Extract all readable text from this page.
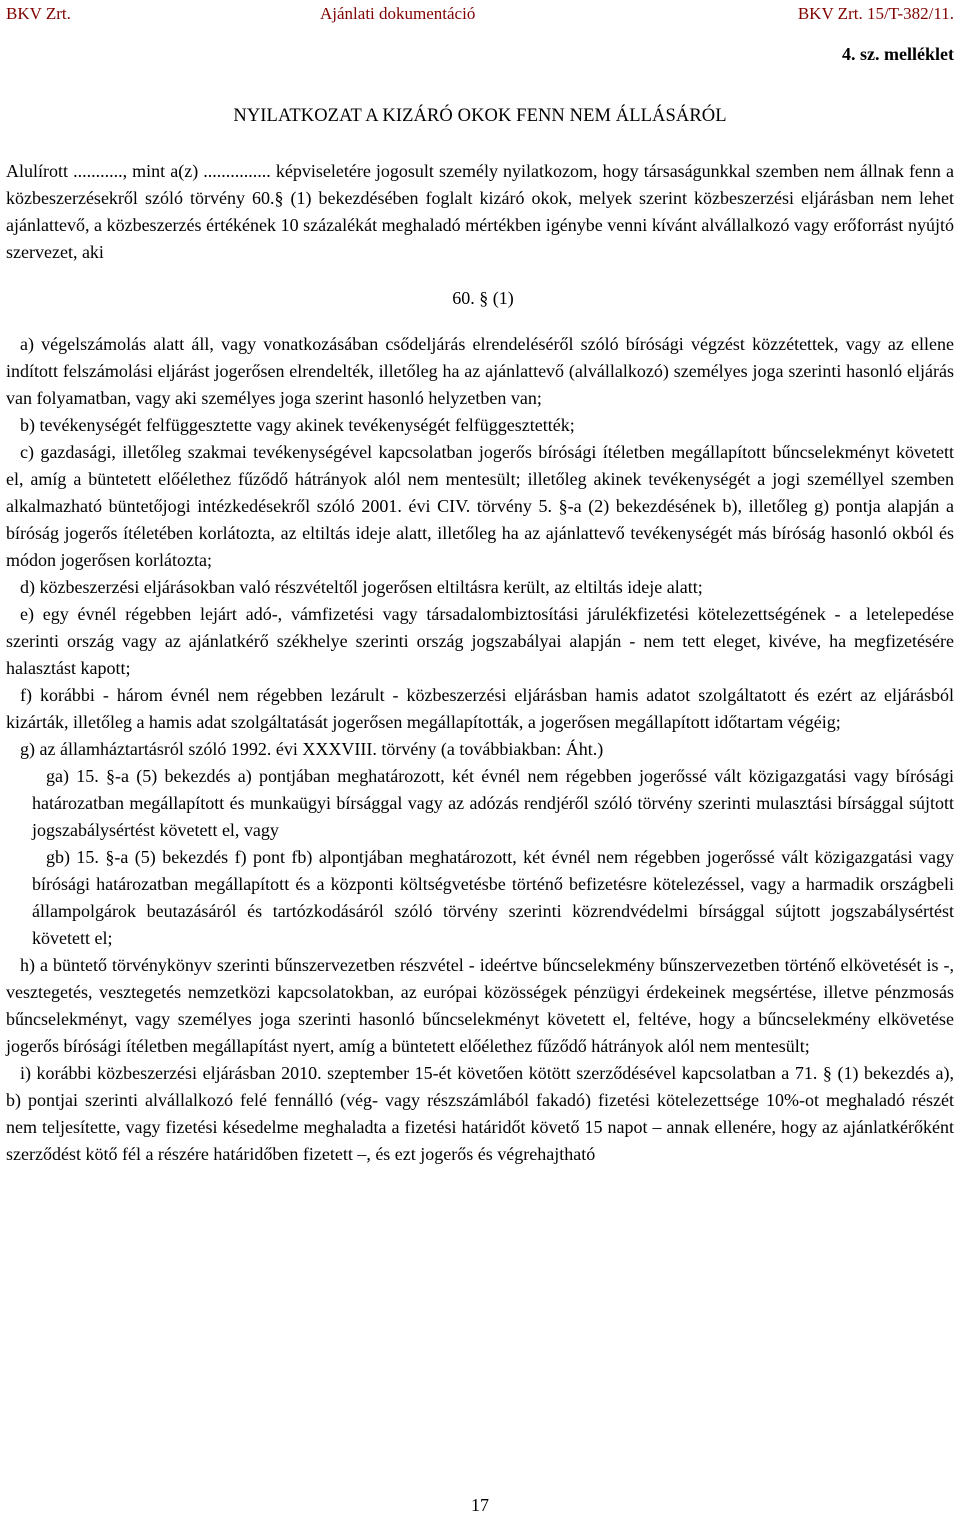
BKV Zrt.	Ajánlati dokumentáció	BKV Zrt. 15/T-382/11.
4. sz. melléklet
NYILATKOZAT A KIZÁRÓ OKOK FENN NEM ÁLLÁSÁRÓL

Alulírott ..........., mint a(z) ............... képviseletére jogosult személy nyilatkozom, hogy társaságunkkal szemben nem állnak fenn a közbeszerzésekről szóló törvény 60.§ (1) bekezdésében foglalt kizáró okok, melyek szerint közbeszerzési eljárásban nem lehet ajánlattevő, a közbeszerzés értékének 10 százalékát meghaladó mértékben igénybe venni kívánt alvállalkozó vagy erőforrást nyújtó szervezet, aki

60. § (1)

a) végelszámolás alatt áll, vagy vonatkozásában csődeljárás elrendeléséről szóló bírósági végzést közzétettek, vagy az ellene indított felszámolási eljárást jogerősen elrendelték, illetőleg ha az ajánlattevő (alvállalkozó) személyes joga szerinti hasonló eljárás van folyamatban, vagy aki személyes joga szerint hasonló helyzetben van;

b) tevékenységét felfüggesztette vagy akinek tevékenységét felfüggesztették;

c) gazdasági, illetőleg szakmai tevékenységével kapcsolatban jogerős bírósági ítéletben megállapított bűncselekményt követett el, amíg a büntetett előélethez fűződő hátrányok alól nem mentesült; illetőleg akinek tevékenységét a jogi személlyel szemben alkalmazható büntetőjogi intézkedésekről szóló 2001. évi CIV. törvény 5. §-a (2) bekezdésének b), illetőleg g) pontja alapján a bíróság jogerős ítéletében korlátozta, az eltiltás ideje alatt, illetőleg ha az ajánlattevő tevékenységét más bíróság hasonló okból és módon jogerősen korlátozta;

d) közbeszerzési eljárásokban való részvételtől jogerősen eltiltásra került, az eltiltás ideje alatt;

e) egy évnél régebben lejárt adó-, vámfizetési vagy társadalombiztosítási járulékfizetési kötelezettségének - a letelepedése szerinti ország vagy az ajánlatkérő székhelye szerinti ország jogszabályai alapján - nem tett eleget, kivéve, ha megfizetésére halasztást kapott;

f) korábbi - három évnél nem régebben lezárult - közbeszerzési eljárásban hamis adatot szolgáltatott és ezért az eljárásból kizárták, illetőleg a hamis adat szolgáltatását jogerősen megállapították, a jogerősen megállapított időtartam végéig;

g) az államháztartásról szóló 1992. évi XXXVIII. törvény (a továbbiakban: Áht.)

ga) 15. §-a (5) bekezdés a) pontjában meghatározott, két évnél nem régebben jogerőssé vált közigazgatási vagy bírósági határozatban megállapított és munkaügyi bírsággal vagy az adózás rendjéről szóló törvény szerinti mulasztási bírsággal sújtott jogszabálysértést követett el, vagy

gb) 15. §-a (5) bekezdés f) pont fb) alpontjában meghatározott, két évnél nem régebben jogerőssé vált közigazgatási vagy bírósági határozatban megállapított és a központi költségvetésbe történő befizetésre kötelezéssel, vagy a harmadik országbeli állampolgárok beutazásáról és tartózkodásáról szóló törvény szerinti közrendvédelmi bírsággal sújtott jogszabálysértést követett el;

h) a büntető törvénykönyv szerinti bűnszervezetben részvétel - ideértve bűncselekmény bűnszervezetben történő elkövetését is -, vesztegetés, vesztegetés nemzetközi kapcsolatokban, az európai közösségek pénzügyi érdekeinek megsértése, illetve pénzmosás bűncselekményt, vagy személyes joga szerinti hasonló bűncselekményt követett el, feltéve, hogy a bűncselekmény elkövetése jogerős bírósági ítéletben megállapítást nyert, amíg a büntetett előélethez fűződő hátrányok alól nem mentesült;

i) korábbi közbeszerzési eljárásban 2010. szeptember 15-ét követően kötött szerződésével kapcsolatban a 71. § (1) bekezdés a), b) pontjai szerinti alvállalkozó felé fennálló (vég- vagy részszámlából fakadó) fizetési kötelezettsége 10%-ot meghaladó részét nem teljesítette, vagy fizetési késedelme meghaladta a fizetési határidőt követő 15 napot – annak ellenére, hogy az ajánlatkérőként szerződést kötő fél a részére határidőben fizetett –, és ezt jogerős és végrehajtható

17
